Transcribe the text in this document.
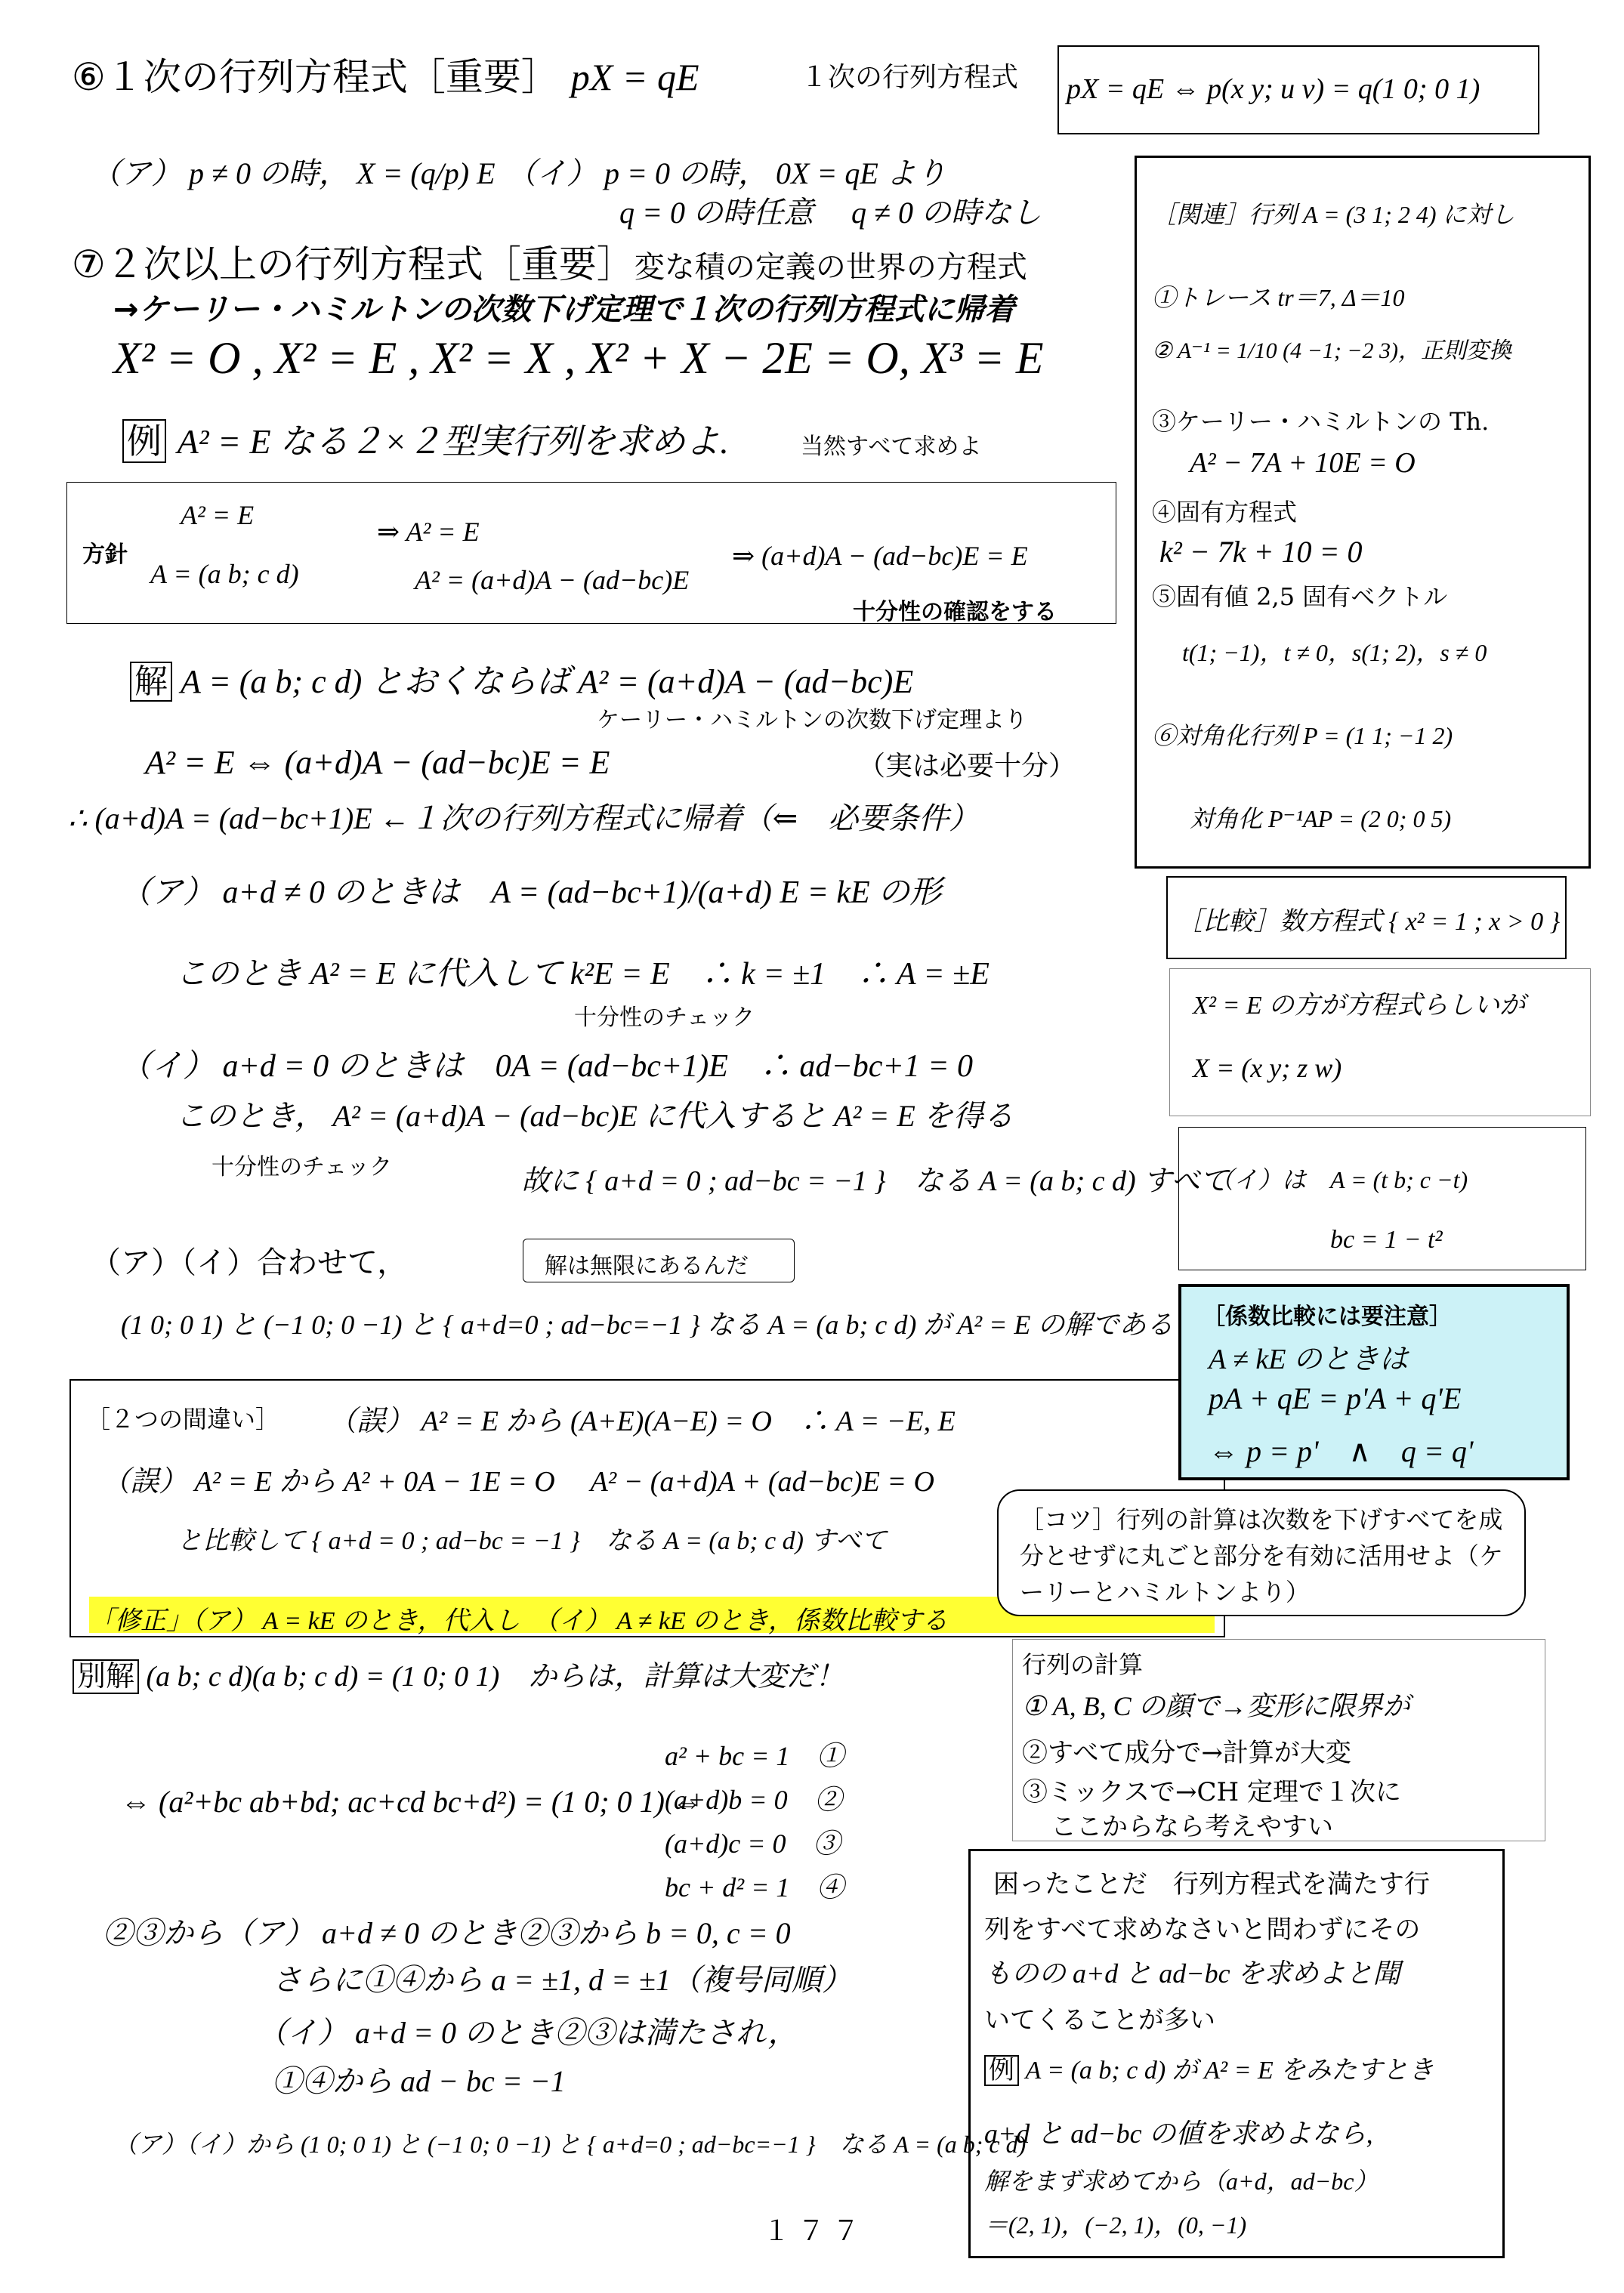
⑥１次の行列方程式［重要］ pX = qE	１次の行列方程式 pX = qE ⇔ p(x y; u v) = q(1 0; 0 1)
（ア） p ≠ 0 の時， X = (q/p) E （イ） p = 0 の時， 0X = qE より
q = 0 の時任意　 q ≠ 0 の時なし
⑦２次以上の行列方程式［重要］変な積の定義の世界の方程式
→ケーリー・ハミルトンの次数下げ定理で１次の行列方程式に帰着
X² = O , X² = E , X² = X , X² + X − 2E = O, X³ = E
例 A² = E なる２×２型実行列を求めよ.	当然すべて求めよ
方針
A² = E
A = (a b; c d)
⇒ A² = E
A² = (a+d)A − (ad−bc)E
⇒ (a+d)A − (ad−bc)E = E
十分性の確認をする
解 A = (a b; c d) とおくならば A² = (a+d)A − (ad−bc)E
ケーリー・ハミルトンの次数下げ定理より
A² = E ⇔ (a+d)A − (ad−bc)E = E	（実は必要十分）
∴ (a+d)A = (ad−bc+1)E ←１次の行列方程式に帰着（⇐　必要条件）
（ア） a+d ≠ 0 のときは　A = (ad−bc+1)/(a+d) E = kE の形
このとき A² = E に代入して k²E = E　∴ k = ±1　∴ A = ±E
十分性のチェック
（イ） a+d = 0 のときは　0A = (ad−bc+1)E　∴ ad−bc+1 = 0
このとき， A² = (a+d)A − (ad−bc)E に代入すると A² = E を得る
十分性のチェック	故に { a+d = 0 ; ad−bc = −1 }　なる A = (a b; c d) すべて
（ア）（イ）合わせて，	解は無限にあるんだ
(1 0; 0 1) と (−1 0; 0 −1) と { a+d=0 ; ad−bc=−1 } なる A = (a b; c d) が A² = E の解である
［２つの間違い］ （誤） A² = E から (A+E)(A−E) = O　∴ A = −E, E
（誤） A² = E から A² + 0A − 1E = O　 A² − (a+d)A + (ad−bc)E = O
と比較して { a+d = 0 ; ad−bc = −1 }　なる A = (a b; c d) すべて
「修正」（ア） A = kE のとき，代入し　（イ） A ≠ kE のとき，係数比較する
［コツ］行列の計算は次数を下げすべてを成分とせずに丸ごと部分を有効に活用せよ（ケーリーとハミルトンより）
別解 (a b; c d)(a b; c d) = (1 0; 0 1)　からは，計算は大変だ！
⇔ (a²+bc ab+bd; ac+cd bc+d²) = (1 0; 0 1) ⇔
a² + bc = 1　①
(a+d)b = 0　②
(a+d)c = 0　③
bc + d² = 1　④
②③から（ア） a+d ≠ 0 のとき②③から b = 0, c = 0
さらに①④から a = ±1, d = ±1（複号同順）
（イ） a+d = 0 のとき②③は満たされ，
①④から ad − bc = −1
（ア）（イ）から (1 0; 0 1) と (−1 0; 0 −1) と { a+d=0 ; ad−bc=−1 }　なる A = (a b; c d)
１７７
［関連］行列 A = (3 1; 2 4) に対し
①トレース tr＝7, Δ＝10
② A⁻¹ = 1/10 (4 −1; −2 3)，正則変換
③ケーリー・ハミルトンの Th.
A² − 7A + 10E = O
④固有方程式
k² − 7k + 10 = 0
⑤固有値 2,5 固有ベクトル
t(1; −1)，t ≠ 0，s(1; 2)，s ≠ 0
⑥対角化行列 P = (1 1; −1 2)
対角化 P⁻¹AP = (2 0; 0 5)
［比較］数方程式 { x² = 1 ; x > 0 }
X² = E の方が方程式らしいが
X = (x y; z w)
（イ）は　A = (t b; c −t)
bc = 1 − t²
［係数比較には要注意］
A ≠ kE のときは
pA + qE = p'A + q'E
⇔ p = p'　∧　q = q'
行列の計算
① A, B, C の顔で→変形に限界が
②すべて成分で→計算が大変
③ミックスで→CH 定理で１次に
ここからなら考えやすい
困ったことだ　行列方程式を満たす行
列をすべて求めなさいと問わずにその
ものの a+d と ad−bc を求めよと聞
いてくることが多い
例 A = (a b; c d) が A² = E をみたすとき
a+d と ad−bc の値を求めよなら,
解をまず求めてから（a+d，ad−bc）
＝(2, 1)，(−2, 1)，(0, −1)
